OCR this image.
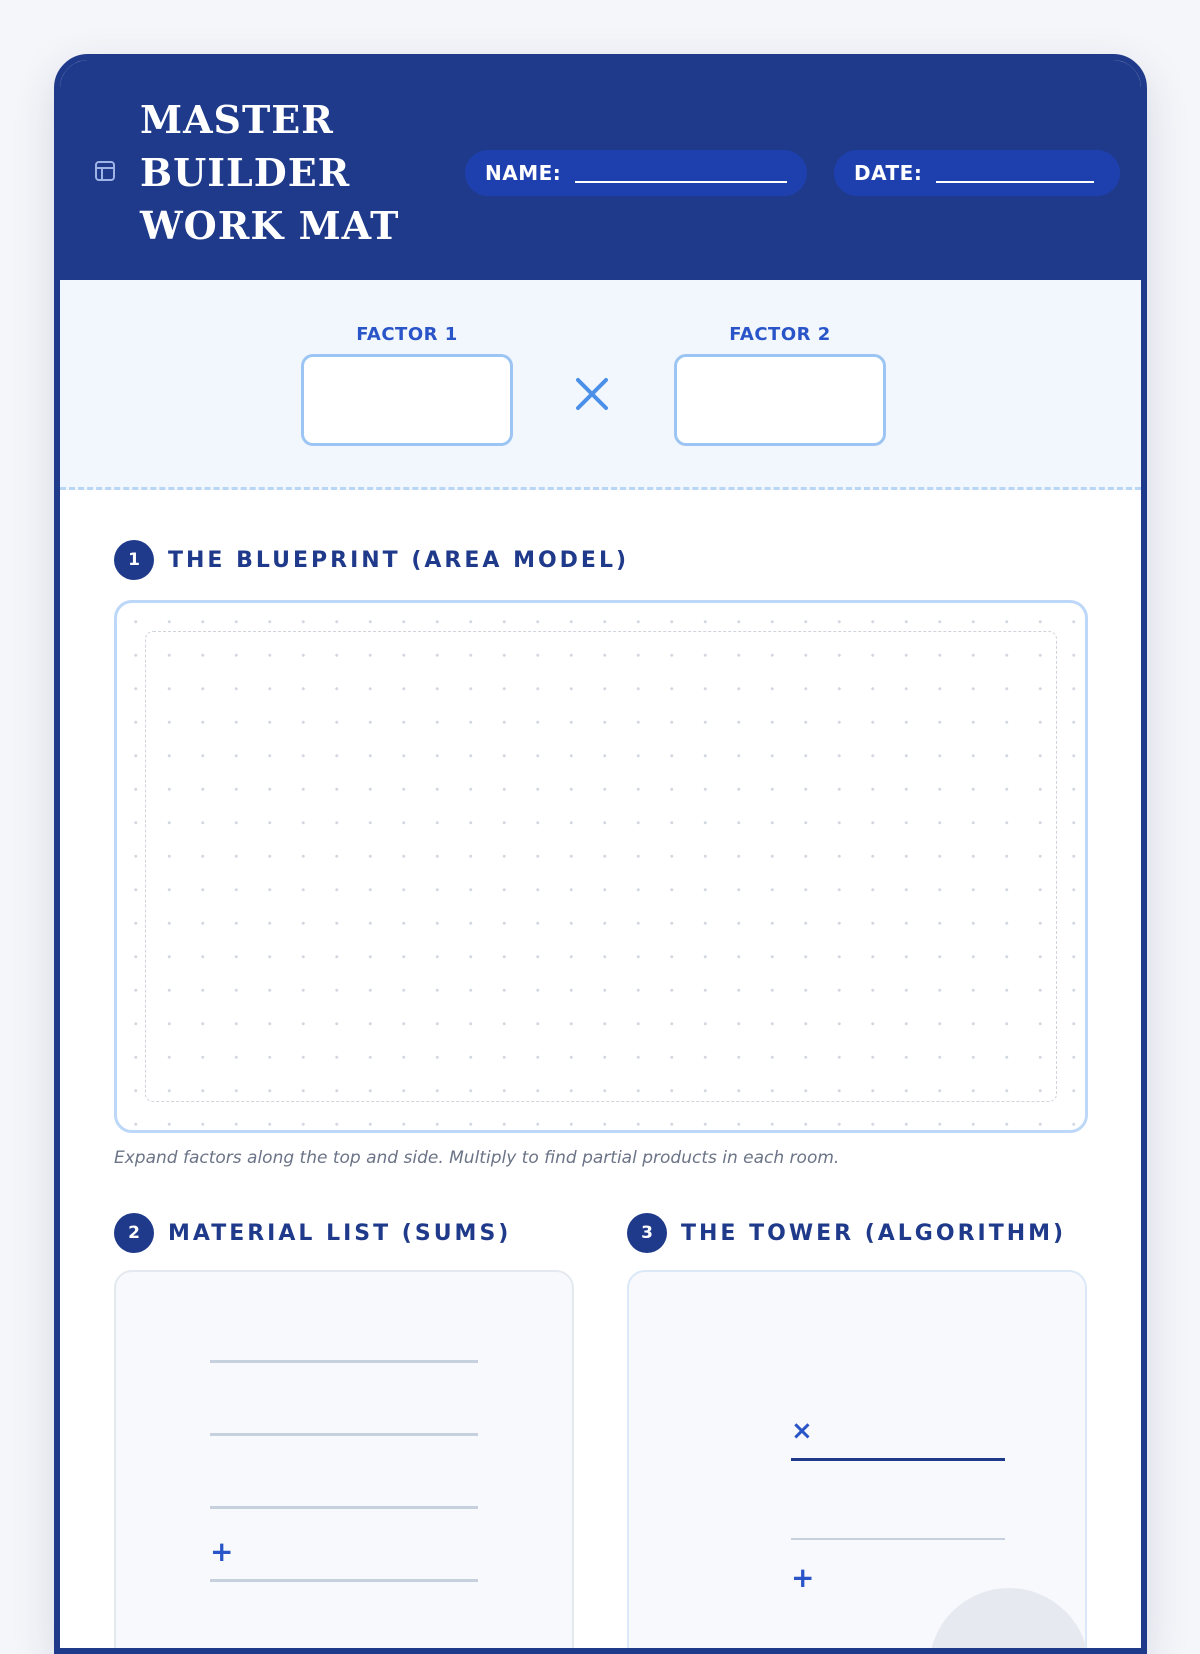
MASTER
BUILDER
WORK MAT
NAME:	DATE:
FACTOR 1	FACTOR 2
1	THE BLUEPRINT (AREA MODEL)
Expand factors along the top and side. Multiply to find partial products in each room.
2	MATERIAL LIST (SUMS)	3	THE TOWER (ALGORITHM)
+
×
+
